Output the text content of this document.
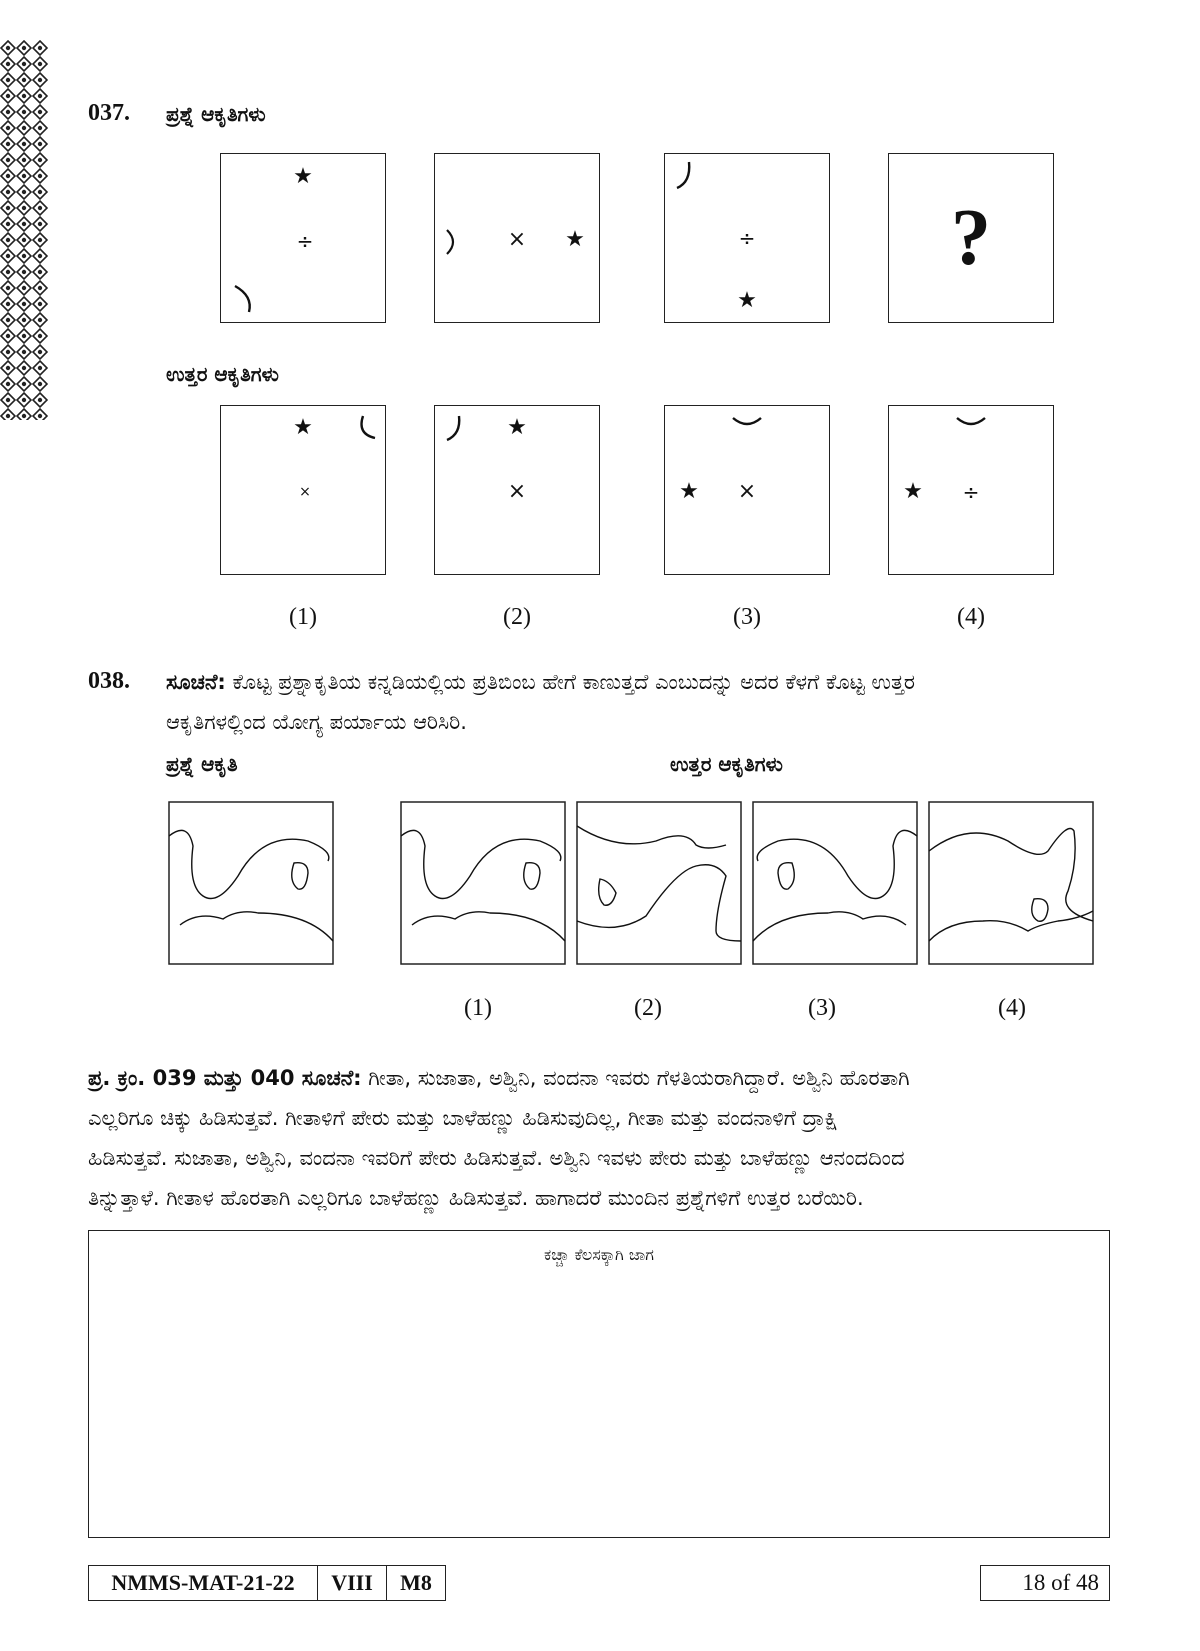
037. ಪ್ರಶ್ನೆ ಆಕೃತಿಗಳು
★
÷	× ★	÷
★
?
ಉತ್ತರ ಆಕೃತಿಗಳು
★
×
★
×	★ ×	★ ÷
(1)	(2)	(3)	(4)
038. ಸೂಚನೆ: ಕೊಟ್ಟ ಪ್ರಶ್ನಾಕೃತಿಯ ಕನ್ನಡಿಯಲ್ಲಿಯ ಪ್ರತಿಬಿಂಬ ಹೇಗೆ ಕಾಣುತ್ತದೆ ಎಂಬುದನ್ನು ಅದರ ಕೆಳಗೆ ಕೊಟ್ಟ ಉತ್ತರ
ಆಕೃತಿಗಳಲ್ಲಿಂದ ಯೋಗ್ಯ ಪರ್ಯಾಯ ಆರಿಸಿರಿ.
ಪ್ರಶ್ನೆ ಆಕೃತಿ	ಉತ್ತರ ಆಕೃತಿಗಳು
(1)	(2)	(3)	(4)
ಪ್ರ. ಕ್ರಂ. 039 ಮತ್ತು 040 ಸೂಚನೆ: ಗೀತಾ, ಸುಜಾತಾ, ಅಶ್ವಿನಿ, ವಂದನಾ ಇವರು ಗೆಳತಿಯರಾಗಿದ್ದಾರೆ. ಅಶ್ವಿನಿ ಹೊರತಾಗಿ
ಎಲ್ಲರಿಗೂ ಚಿಕ್ಕು ಹಿಡಿಸುತ್ತವೆ. ಗೀತಾಳಿಗೆ ಪೇರು ಮತ್ತು ಬಾಳೆಹಣ್ಣು ಹಿಡಿಸುವುದಿಲ್ಲ, ಗೀತಾ ಮತ್ತು ವಂದನಾಳಿಗೆ ದ್ರಾಕ್ಷಿ
ಹಿಡಿಸುತ್ತವೆ. ಸುಜಾತಾ, ಅಶ್ವಿನಿ, ವಂದನಾ ಇವರಿಗೆ ಪೇರು ಹಿಡಿಸುತ್ತವೆ. ಅಶ್ವಿನಿ ಇವಳು ಪೇರು ಮತ್ತು ಬಾಳೆಹಣ್ಣು ಆನಂದದಿಂದ
ತಿನ್ನುತ್ತಾಳೆ. ಗೀತಾಳ ಹೊರತಾಗಿ ಎಲ್ಲರಿಗೂ ಬಾಳೆಹಣ್ಣು ಹಿಡಿಸುತ್ತವೆ. ಹಾಗಾದರೆ ಮುಂದಿನ ಪ್ರಶ್ನೆಗಳಿಗೆ ಉತ್ತರ ಬರೆಯಿರಿ.
ಕಚ್ಚಾ ಕೆಲಸಕ್ಕಾಗಿ ಜಾಗ
NMMS-MAT-21-22	VIII	M8	18 of 48
